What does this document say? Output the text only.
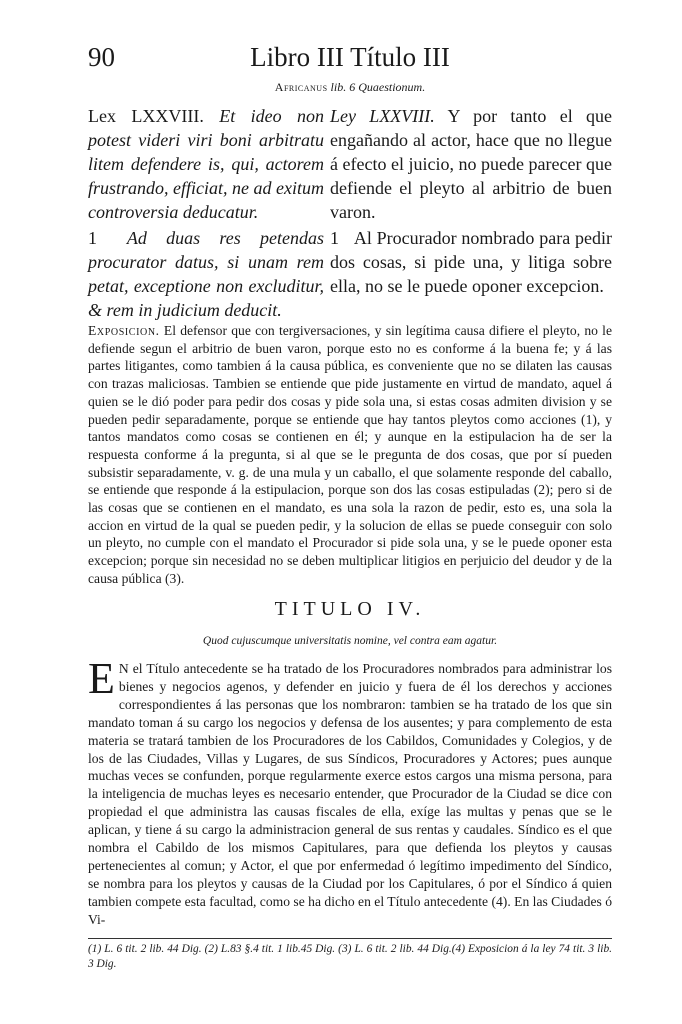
90	Libro III Título III
Africanus lib. 6 Quaestionum.

Lex LXXVIII. Et ideo non potest videri viri boni arbitratu litem defendere is, qui, actorem frustrando, efficiat, ne ad exitum controversia deducatur.

1 Ad duas res petendas procurator datus, si unam rem petat, exceptione non excluditur, & rem in judicium deducit.

Ley LXXVIII. Y por tanto el que engañando al actor, hace que no llegue á efecto el juicio, no puede parecer que defiende el pleyto al arbitrio de buen varon.

1 Al Procurador nombrado para pedir dos cosas, si pide una, y litiga sobre ella, no se le puede oponer excepcion.

Exposicion. El defensor que con tergiversaciones, y sin legítima causa difiere el pleyto, no le defiende segun el arbitrio de buen varon, porque esto no es conforme á la buena fe; y á las partes litigantes, como tambien á la causa pública, es conveniente que no se dilaten las causas con trazas maliciosas. Tambien se entiende que pide justamente en virtud de mandato, aquel á quien se le dió poder para pedir dos cosas y pide sola una, si estas cosas admiten division y se pueden pedir separadamente, porque se entiende que hay tantos pleytos como acciones (1), y tantos mandatos como cosas se contienen en él; y aunque en la estipulacion ha de ser la respuesta conforme á la pregunta, si al que se le pregunta de dos cosas, que por sí pueden subsistir separadamente, v. g. de una mula y un caballo, el que solamente responde del caballo, se entiende que responde á la estipulacion, porque son dos las cosas estipuladas (2); pero si de las cosas que se contienen en el mandato, es una sola la razon de pedir, esto es, una sola la accion en virtud de la qual se pueden pedir, y la solucion de ellas se puede conseguir con solo un pleyto, no cumple con el mandato el Procurador si pide sola una, y se le puede oponer esta excepcion; porque sin necesidad no se deben multiplicar litigios en perjuicio del deudor y de la causa pública (3).

TITULO IV.
Quod cujuscumque universitatis nomine, vel contra eam agatur.

E N el Título antecedente se ha tratado de los Procuradores nombrados para administrar los bienes y negocios agenos, y defender en juicio y fuera de él los derechos y acciones correspondientes á las personas que los nombraron: tambien se ha tratado de los que sin mandato toman á su cargo los negocios y defensa de los ausentes; y para complemento de esta materia se tratará tambien de los Procuradores de los Cabildos, Comunidades y Colegios, y de los de las Ciudades, Villas y Lugares, de sus Síndicos, Procuradores y Actores; pues aunque muchas veces se confunden, porque regularmente exerce estos cargos una misma persona, para la inteligencia de muchas leyes es necesario entender, que Procurador de la Ciudad se dice con propiedad el que administra las causas fiscales de ella, exíge las multas y penas que se le aplican, y tiene á su cargo la administracion general de sus rentas y caudales. Síndico es el que nombra el Cabildo de los mismos Capitulares, para que defienda los pleytos y causas pertenecientes al comun; y Actor, el que por enfermedad ó legítimo impedimento del Síndico, se nombra para los pleytos y causas de la Ciudad por los Capitulares, ó por el Síndico á quien tambien compete esta facultad, como se ha dicho en el Título antecedente (4). En las Ciudades ó Vi-

(1) L. 6 tit. 2 lib. 44 Dig. (2) L.83 §.4 tit. 1 lib.45 Dig. (3) L. 6 tit. 2 lib. 44 Dig.(4) Exposicion á la ley 74 tit. 3 lib. 3 Dig.
